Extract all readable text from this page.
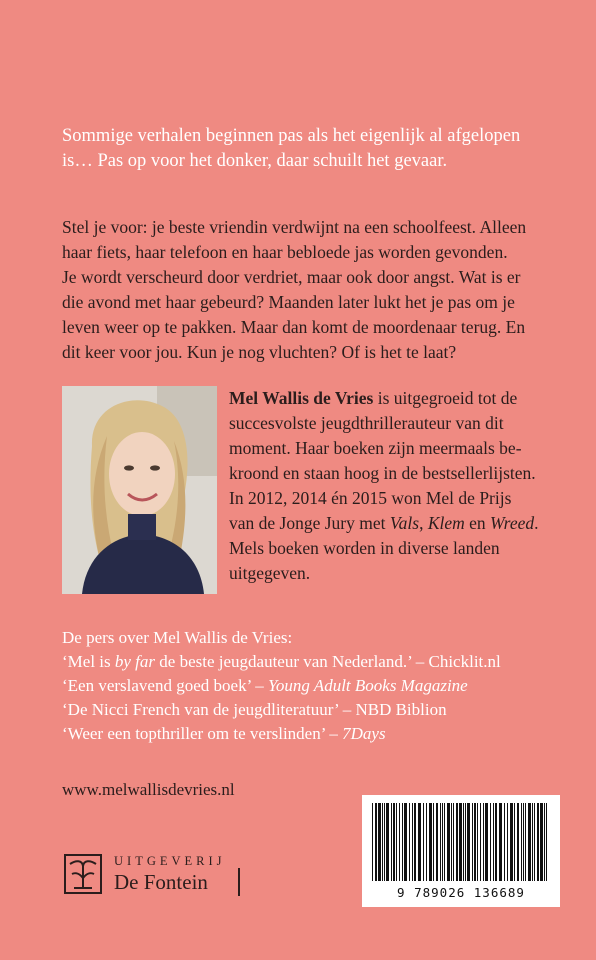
Sommige verhalen beginnen pas als het eigenlijk al afgelopen
is… Pas op voor het donker, daar schuilt het gevaar.
Stel je voor: je beste vriendin verdwijnt na een schoolfeest. Alleen
haar fiets, haar telefoon en haar bebloede jas worden gevonden.
Je wordt verscheurd door verdriet, maar ook door angst. Wat is er
die avond met haar gebeurd? Maanden later lukt het je pas om je
leven weer op te pakken. Maar dan komt de moordenaar terug. En
dit keer voor jou. Kun je nog vluchten? Of is het te laat?
Mel Wallis de Vries is uitgegroeid tot de
succesvolste jeugdthrillerauteur van dit
moment. Haar boeken zijn meermaals be-
kroond en staan hoog in de bestsellerlijsten.
In 2012, 2014 én 2015 won Mel de Prijs
van de Jonge Jury met Vals, Klem en Wreed.
Mels boeken worden in diverse landen
uitgegeven.
De pers over Mel Wallis de Vries:
‘Mel is by far de beste jeugdauteur van Nederland.’ – Chicklit.nl
‘Een verslavend goed boek’ – Young Adult Books Magazine
‘De Nicci French van de jeugdliteratuur’ – NBD Biblion
‘Weer een topthriller om te verslinden’ – 7Days
www.melwallisdevries.nl
UITGEVERIJ
De Fontein	9 789026 136689
